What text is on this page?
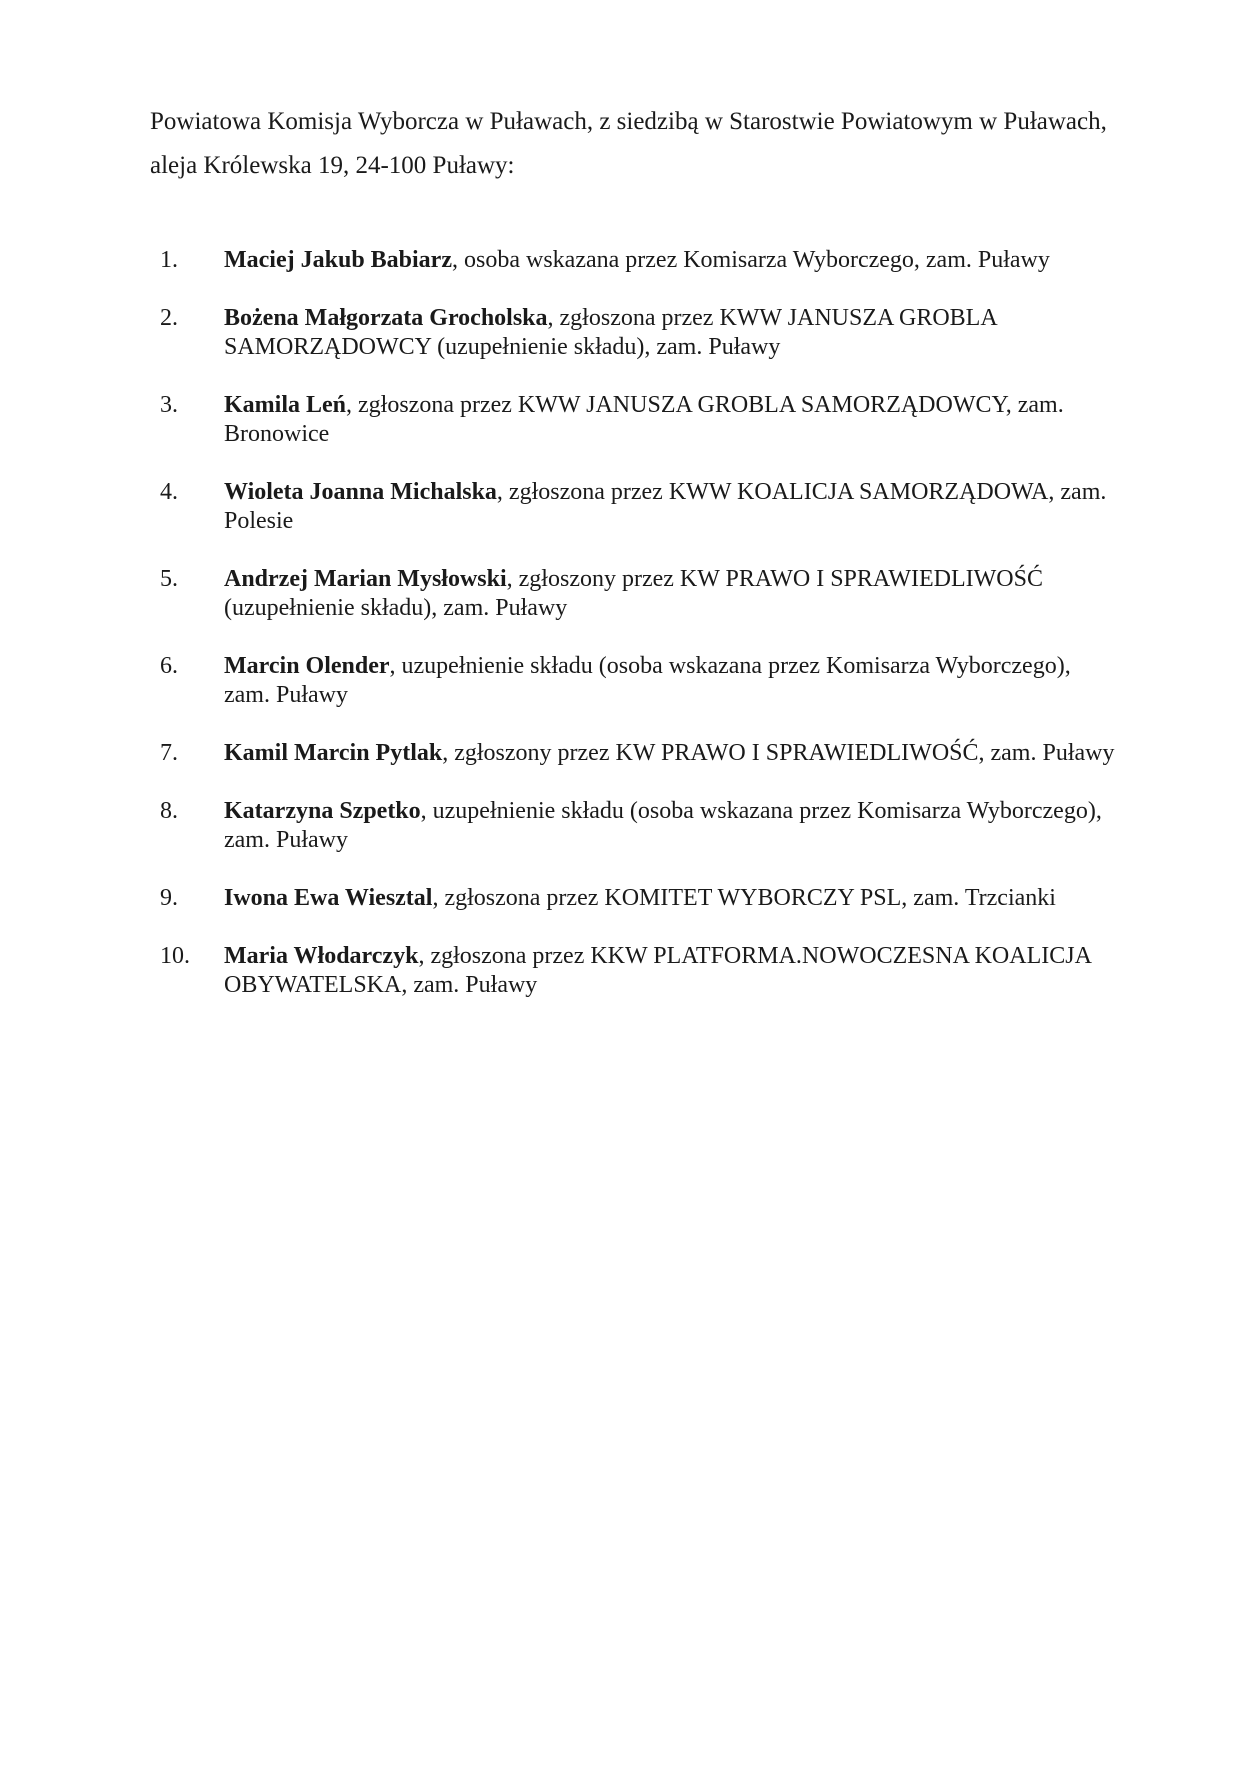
Powiatowa Komisja Wyborcza w Puławach, z siedzibą w Starostwie Powiatowym w Puławach, aleja Królewska 19, 24-100 Puławy:

1.	Maciej Jakub Babiarz, osoba wskazana przez Komisarza Wyborczego, zam. Puławy
2.	Bożena Małgorzata Grocholska, zgłoszona przez KWW JANUSZA GROBLA SAMORZĄDOWCY (uzupełnienie składu), zam. Puławy
3.	Kamila Leń, zgłoszona przez KWW JANUSZA GROBLA SAMORZĄDOWCY, zam. Bronowice
4.	Wioleta Joanna Michalska, zgłoszona przez KWW KOALICJA SAMORZĄDOWA, zam. Polesie
5.	Andrzej Marian Mysłowski, zgłoszony przez KW PRAWO I SPRAWIEDLIWOŚĆ (uzupełnienie składu), zam. Puławy
6.	Marcin Olender, uzupełnienie składu (osoba wskazana przez Komisarza Wyborczego), zam. Puławy
7.	Kamil Marcin Pytlak, zgłoszony przez KW PRAWO I SPRAWIEDLIWOŚĆ, zam. Puławy
8.	Katarzyna Szpetko, uzupełnienie składu (osoba wskazana przez Komisarza Wyborczego), zam. Puławy
9.	Iwona Ewa Wiesztal, zgłoszona przez KOMITET WYBORCZY PSL, zam. Trzcianki
10.	Maria Włodarczyk, zgłoszona przez KKW PLATFORMA.NOWOCZESNA KOALICJA OBYWATELSKA, zam. Puławy
